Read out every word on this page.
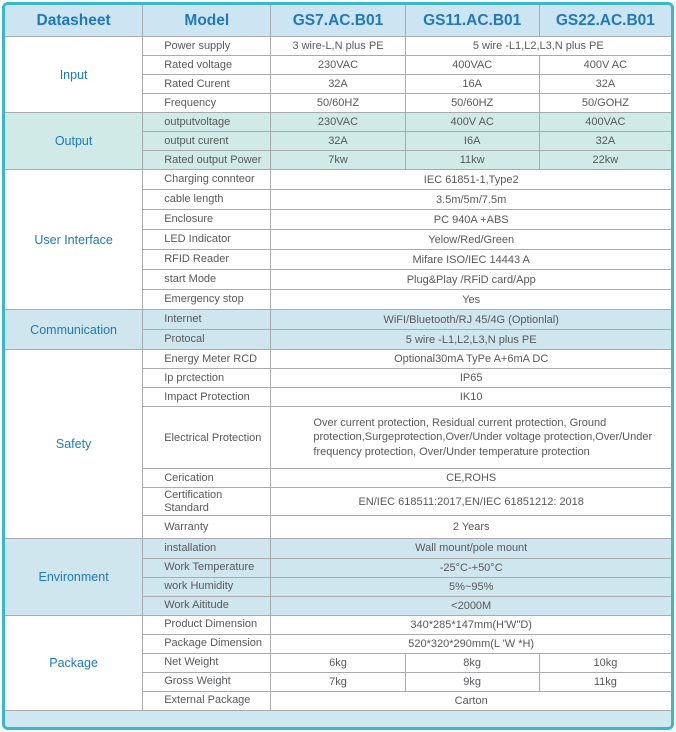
Datasheet	Model	GS7.AC.B01	GS11.AC.B01	GS22.AC.B01
Input	Power supply	3 wire-L,N plus PE	5 wire -L1,L2,L3,N plus PE	
	Rated voltage	230VAC	400VAC	400V AC
	Rated Curent	32A	16A	32A
	Frequency	50/60HZ	50/60HZ	50/GOHZ
Output	outputvoltage	230VAC	400V AC	400VAC
	output curent	32A	I6A	32A
	Rated output Power	7kw	11kw	22kw
User Interface	Charging connteor	IEC 61851-1,Type2		
	cable length	3.5m/5m/7.5m		
	Enclosure	PC 940A +ABS		
	LED Indicator	Yelow/Red/Green		
	RFID Reader	Mifare ISO/IEC 14443 A		
	start Mode	Plug&Play /RFiD card/App		
	Emergency stop	Yes		
Communication	Internet	WiFI/Bluetooth/RJ 45/4G (Optionlal)		
	Protocal	5 wire -L1,L2,L3,N plus PE		
Safety	Energy Meter RCD	Optional30mA TyPe A+6mA DC		
	Ip prctection	IP65		
	Impact Protection	IK10		
	Electrical Protection	Over current protection, Residual current protection, Ground protection,Surgeprotection,Over/Under voltage protection,Over/Under frequency protection, Over/Under temperature protection		
	Cerication	CE,ROHS		
	Certification Standard	EN/IEC 618511:2017,EN/IEC 61851212: 2018		
	Warranty	2 Years		
Environment	installation	Wall mount/pole mount		
	Work Temperature	-25°C-+50°C		
	work Humidity	5%~95%		
	Work Aititude	<2000M		
Package	Product Dimension	340*285*147mm(H'W"D)		
	Package Dimension	520*320*290mm(L 'W *H)		
	Net Weight	6kg	8kg	10kg
	Gross Weight	7kg	9kg	11kg
	External Package	Carton		
